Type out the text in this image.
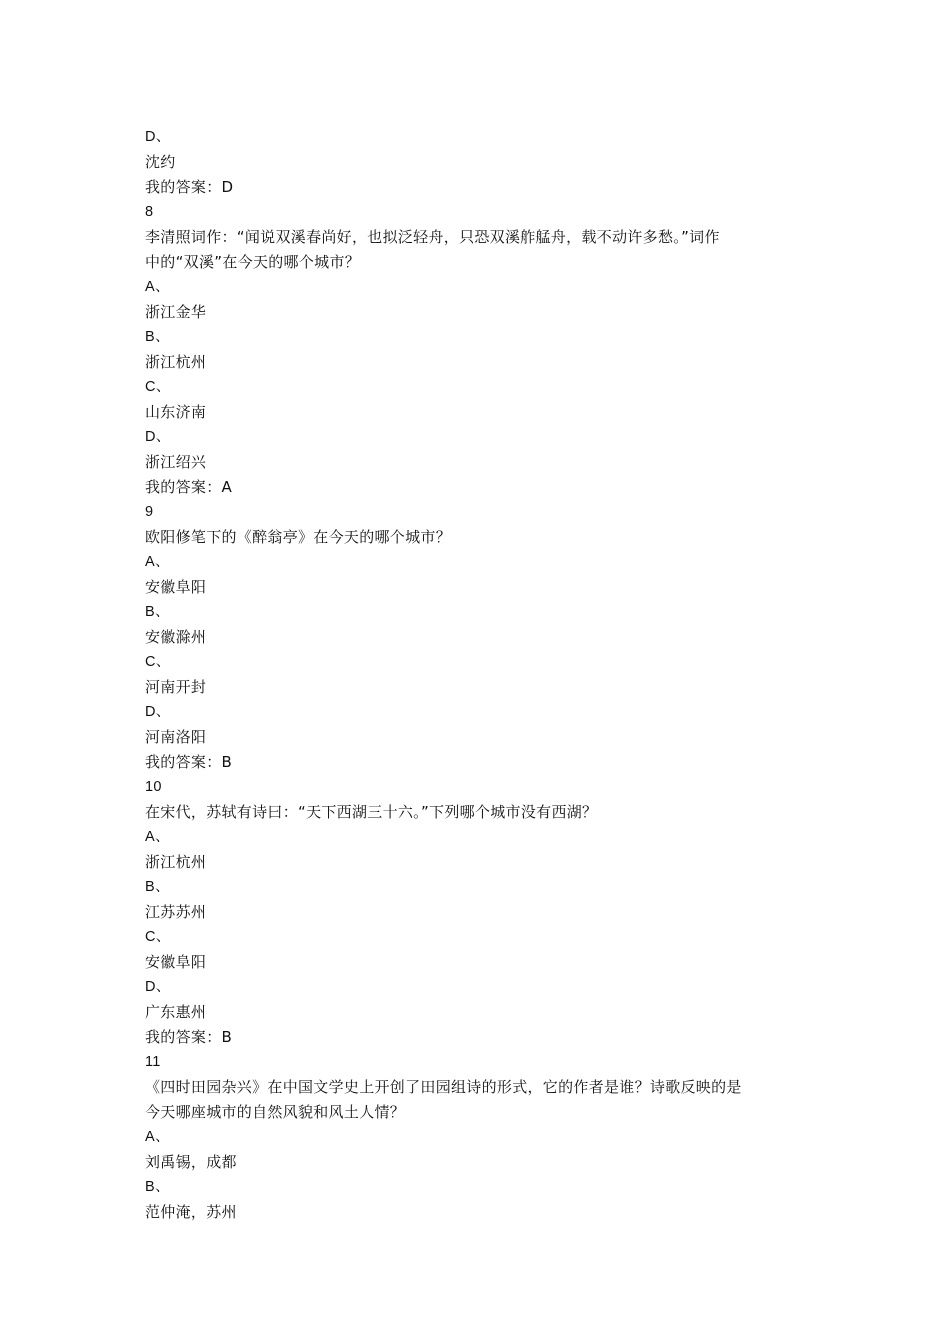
D、
沈约
我的答案：D
8
李清照词作：“闻说双溪春尚好，也拟泛轻舟，只恐双溪舴艋舟，载不动许多愁。”词作
中的“双溪”在今天的哪个城市？
A、
浙江金华
B、
浙江杭州
C、
山东济南
D、
浙江绍兴
我的答案：A
9
欧阳修笔下的《醉翁亭》在今天的哪个城市？
A、
安徽阜阳
B、
安徽滁州
C、
河南开封
D、
河南洛阳
我的答案：B
10
在宋代，苏轼有诗曰：“天下西湖三十六。”下列哪个城市没有西湖？
A、
浙江杭州
B、
江苏苏州
C、
安徽阜阳
D、
广东惠州
我的答案：B
11
《四时田园杂兴》在中国文学史上开创了田园组诗的形式，它的作者是谁？诗歌反映的是
今天哪座城市的自然风貌和风土人情？
A、
刘禹锡，成都
B、
范仲淹，苏州
